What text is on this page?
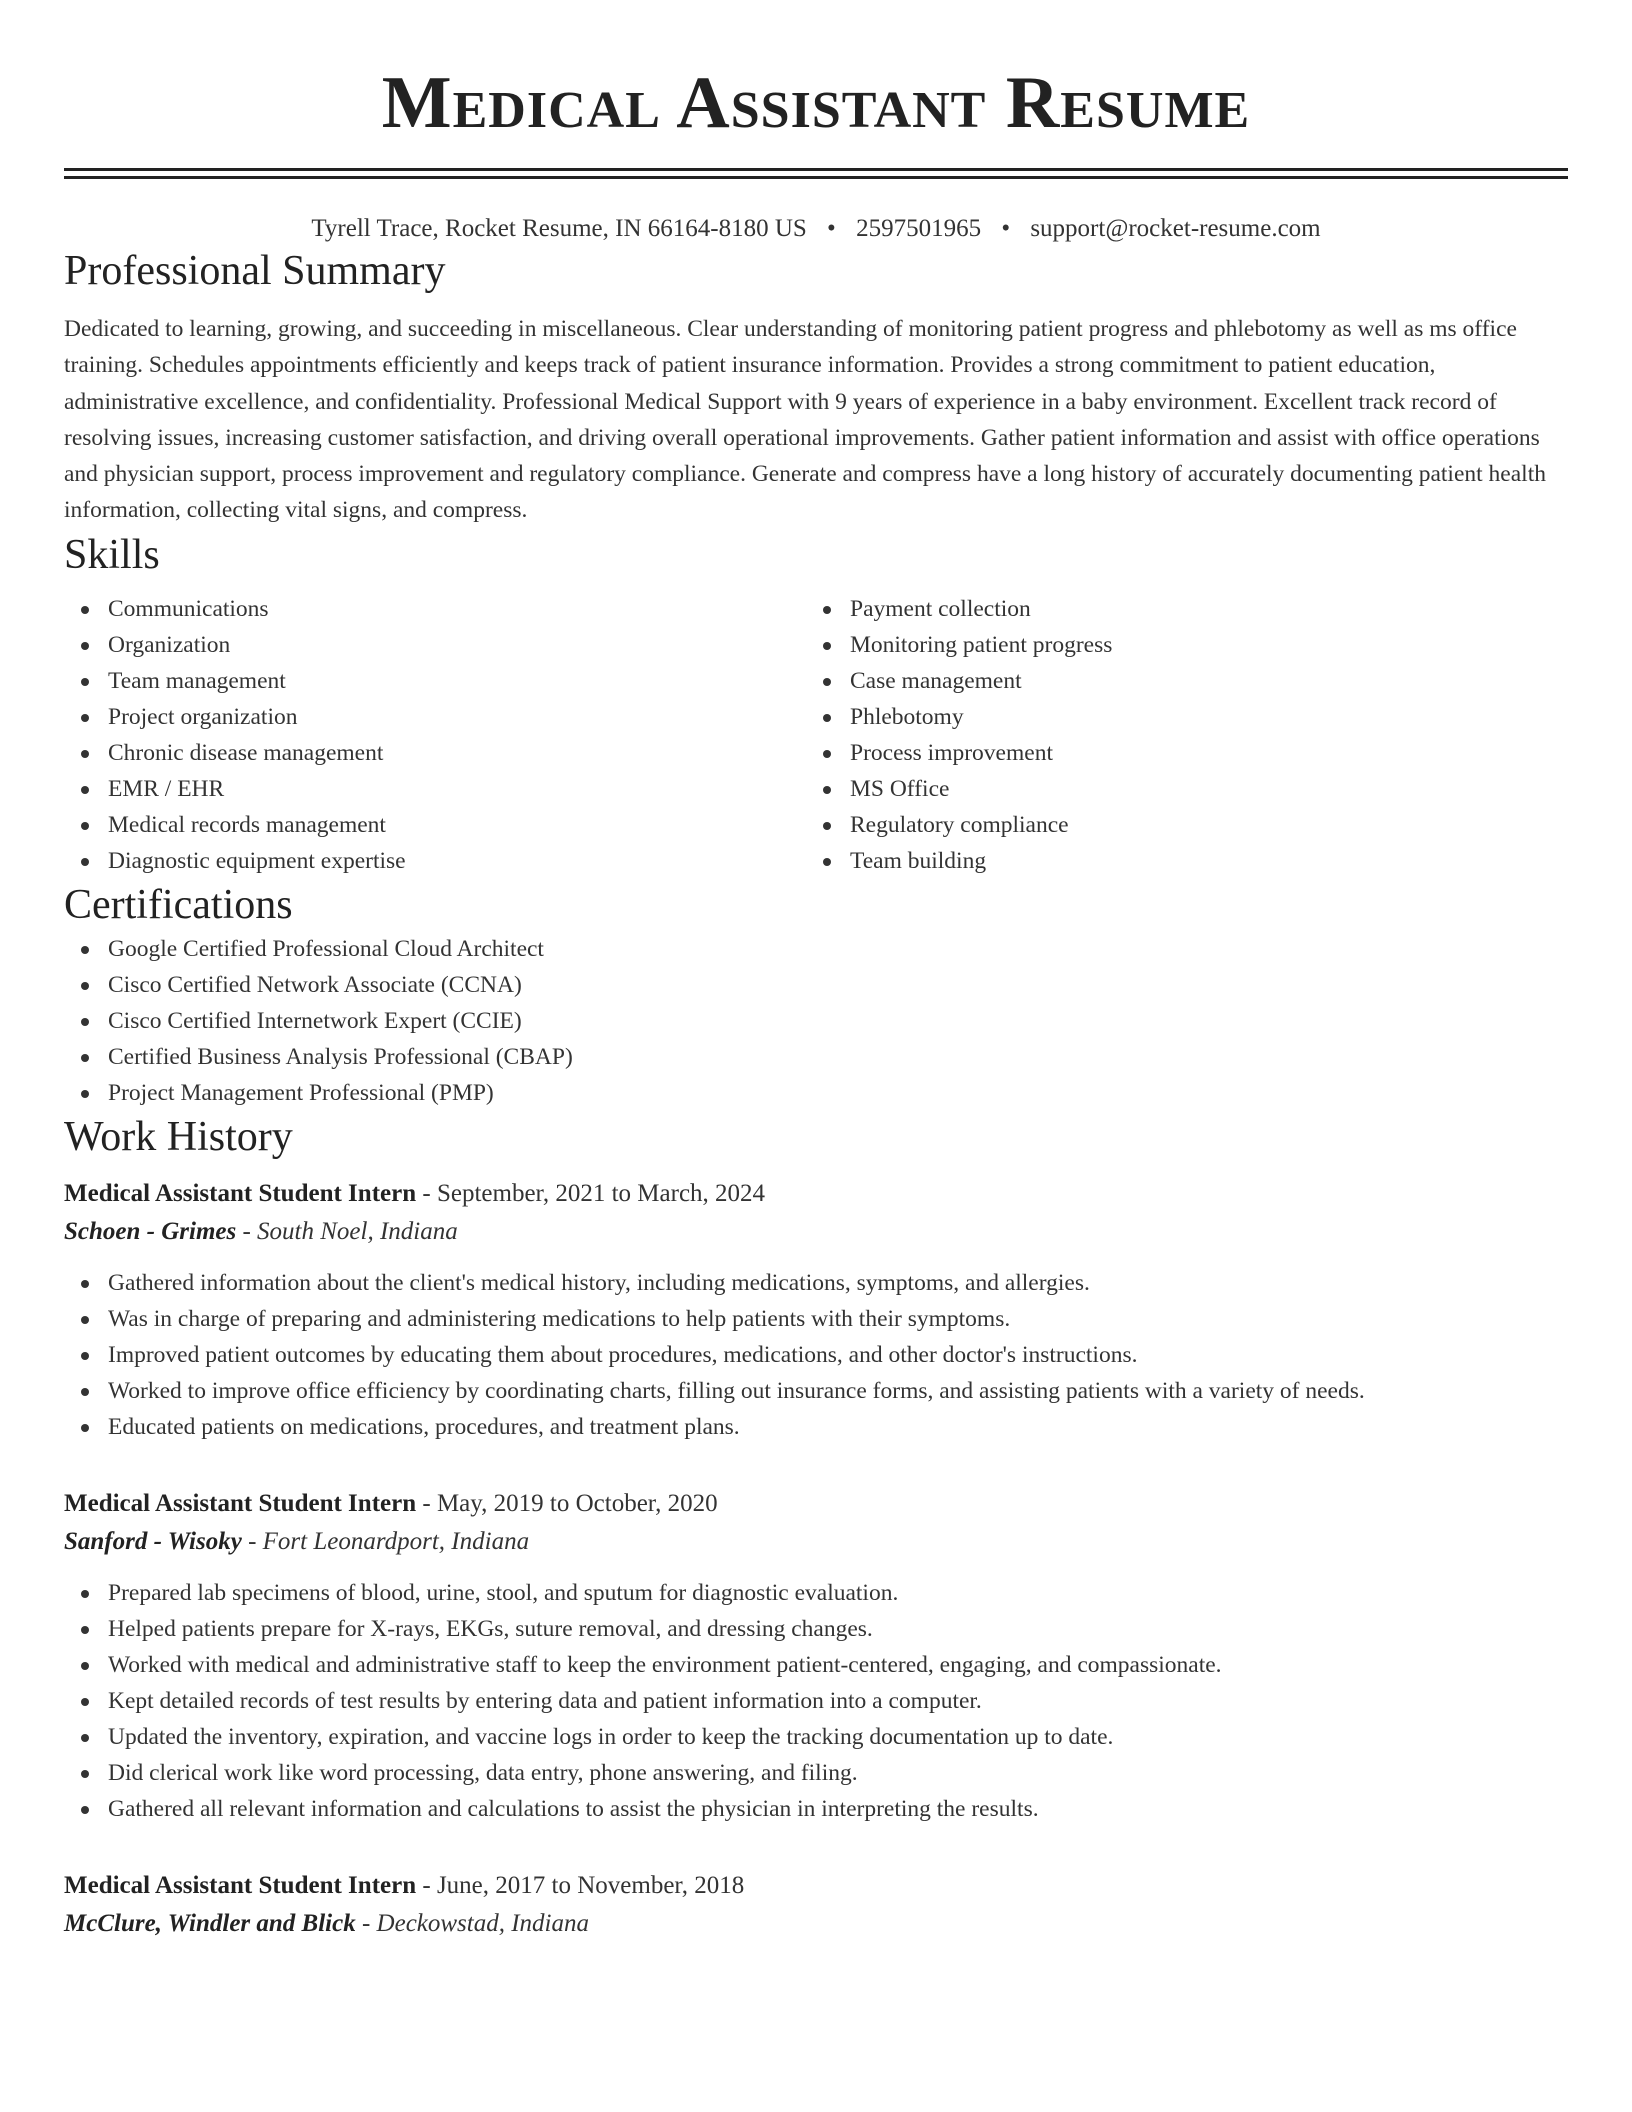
Medical Assistant Resume
Tyrell Trace, Rocket Resume, IN 66164-8180 US • 2597501965 • support@rocket-resume.com
Professional Summary

Dedicated to learning, growing, and succeeding in miscellaneous. Clear understanding of monitoring patient progress and phlebotomy as well as ms office training. Schedules appointments efficiently and keeps track of patient insurance information. Provides a strong commitment to patient education, administrative excellence, and confidentiality. Professional Medical Support with 9 years of experience in a baby environment. Excellent track record of resolving issues, increasing customer satisfaction, and driving overall operational improvements. Gather patient information and assist with office operations and physician support, process improvement and regulatory compliance. Generate and compress have a long history of accurately documenting patient health information, collecting vital signs, and compress.

Skills
Communications
Organization
Team management
Project organization
Chronic disease management
EMR / EHR
Medical records management
Diagnostic equipment expertise
Payment collection
Monitoring patient progress
Case management
Phlebotomy
Process improvement
MS Office
Regulatory compliance
Team building
Certifications
Google Certified Professional Cloud Architect
Cisco Certified Network Associate (CCNA)
Cisco Certified Internetwork Expert (CCIE)
Certified Business Analysis Professional (CBAP)
Project Management Professional (PMP)
Work History
Medical Assistant Student Intern - September, 2021 to March, 2024
Schoen - Grimes - South Noel, Indiana
Gathered information about the client's medical history, including medications, symptoms, and allergies.
Was in charge of preparing and administering medications to help patients with their symptoms.
Improved patient outcomes by educating them about procedures, medications, and other doctor's instructions.
Worked to improve office efficiency by coordinating charts, filling out insurance forms, and assisting patients with a variety of needs.
Educated patients on medications, procedures, and treatment plans.
Medical Assistant Student Intern - May, 2019 to October, 2020
Sanford - Wisoky - Fort Leonardport, Indiana
Prepared lab specimens of blood, urine, stool, and sputum for diagnostic evaluation.
Helped patients prepare for X-rays, EKGs, suture removal, and dressing changes.
Worked with medical and administrative staff to keep the environment patient-centered, engaging, and compassionate.
Kept detailed records of test results by entering data and patient information into a computer.
Updated the inventory, expiration, and vaccine logs in order to keep the tracking documentation up to date.
Did clerical work like word processing, data entry, phone answering, and filing.
Gathered all relevant information and calculations to assist the physician in interpreting the results.
Medical Assistant Student Intern - June, 2017 to November, 2018
McClure, Windler and Blick - Deckowstad, Indiana
